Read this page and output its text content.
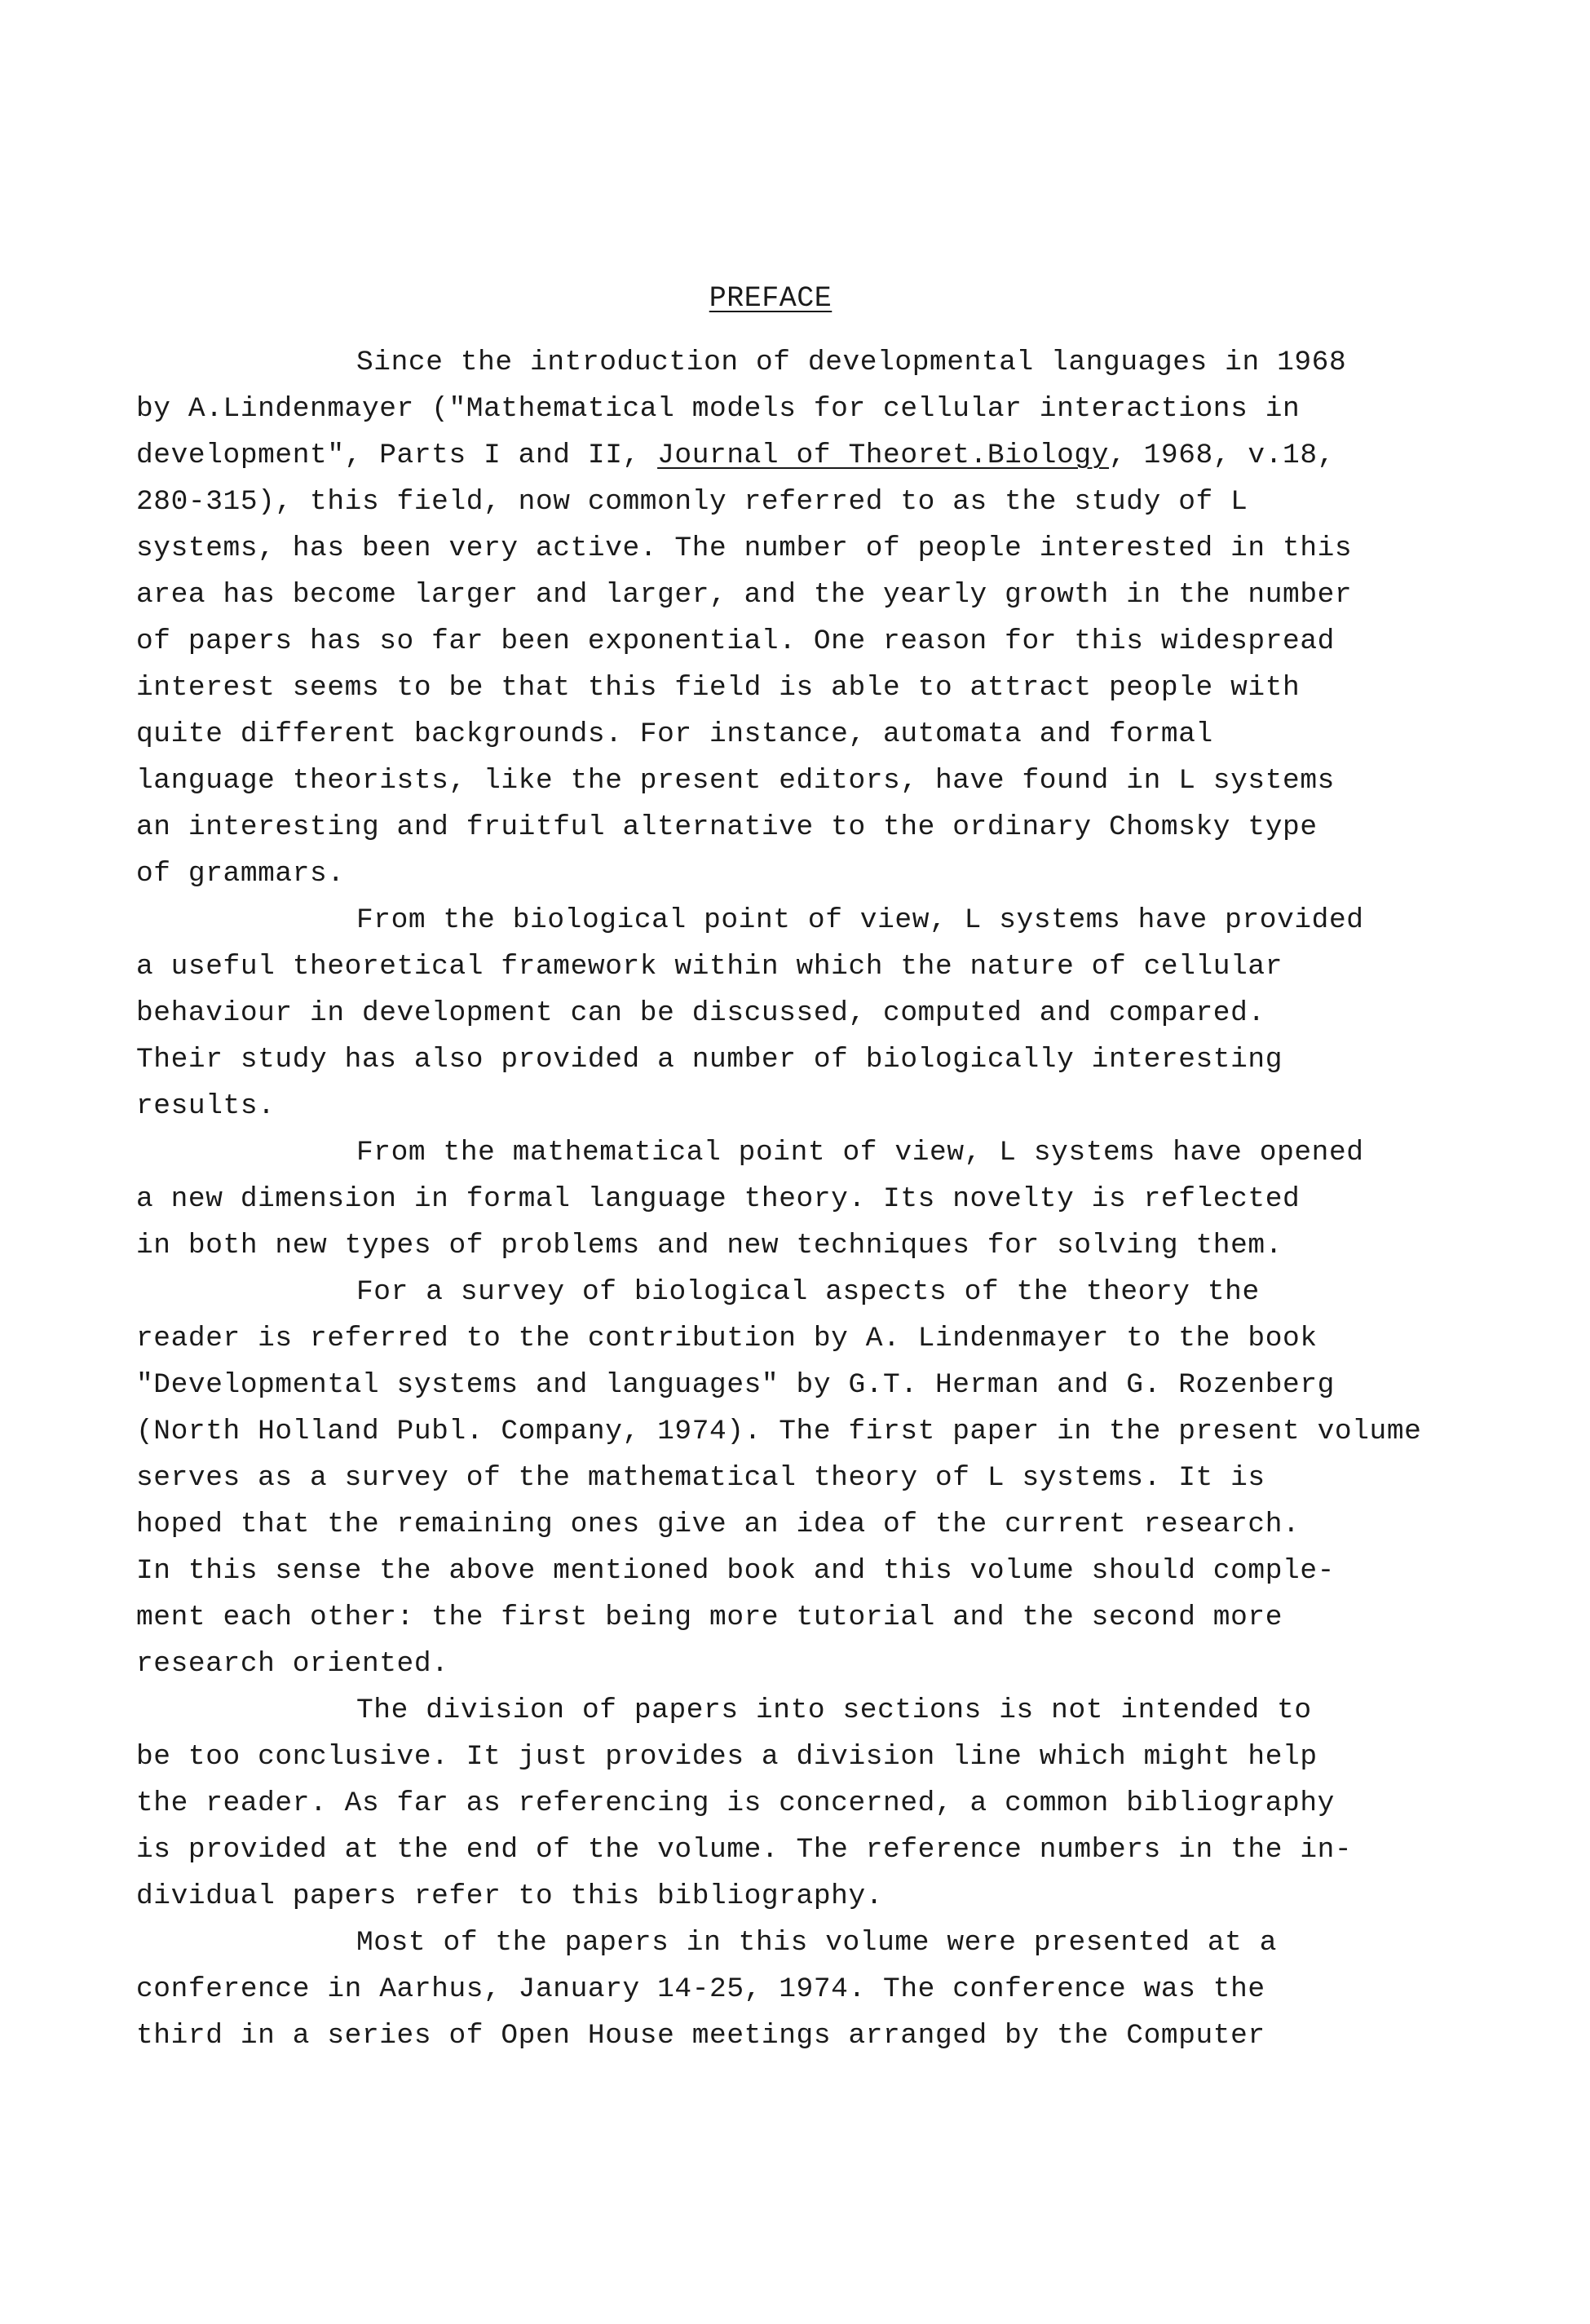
PREFACE
Since the introduction of developmental languages in 1968
by A.Lindenmayer ("Mathematical models for cellular interactions in
development", Parts I and II, Journal of Theoret.Biology, 1968, v.18,
280-315), this field, now commonly referred to as the study of L
systems, has been very active. The number of people interested in this
area has become larger and larger, and the yearly growth in the number
of papers has so far been exponential. One reason for this widespread
interest seems to be that this field is able to attract people with
quite different backgrounds. For instance, automata and formal
language theorists, like the present editors, have found in L systems
an interesting and fruitful alternative to the ordinary Chomsky type
of grammars.
From the biological point of view, L systems have provided
a useful theoretical framework within which the nature of cellular
behaviour in development can be discussed, computed and compared.
Their study has also provided a number of biologically interesting
results.
From the mathematical point of view, L systems have opened
a new dimension in formal language theory. Its novelty is reflected
in both new types of problems and new techniques for solving them.
For a survey of biological aspects of the theory the
reader is referred to the contribution by A. Lindenmayer to the book
"Developmental systems and languages" by G.T. Herman and G. Rozenberg
(North Holland Publ. Company, 1974). The first paper in the present volume
serves as a survey of the mathematical theory of L systems. It is
hoped that the remaining ones give an idea of the current research.
In this sense the above mentioned book and this volume should comple-
ment each other: the first being more tutorial and the second more
research oriented.
The division of papers into sections is not intended to
be too conclusive. It just provides a division line which might help
the reader. As far as referencing is concerned, a common bibliography
is provided at the end of the volume. The reference numbers in the in-
dividual papers refer to this bibliography.
Most of the papers in this volume were presented at a
conference in Aarhus, January 14-25, 1974. The conference was the
third in a series of Open House meetings arranged by the Computer
